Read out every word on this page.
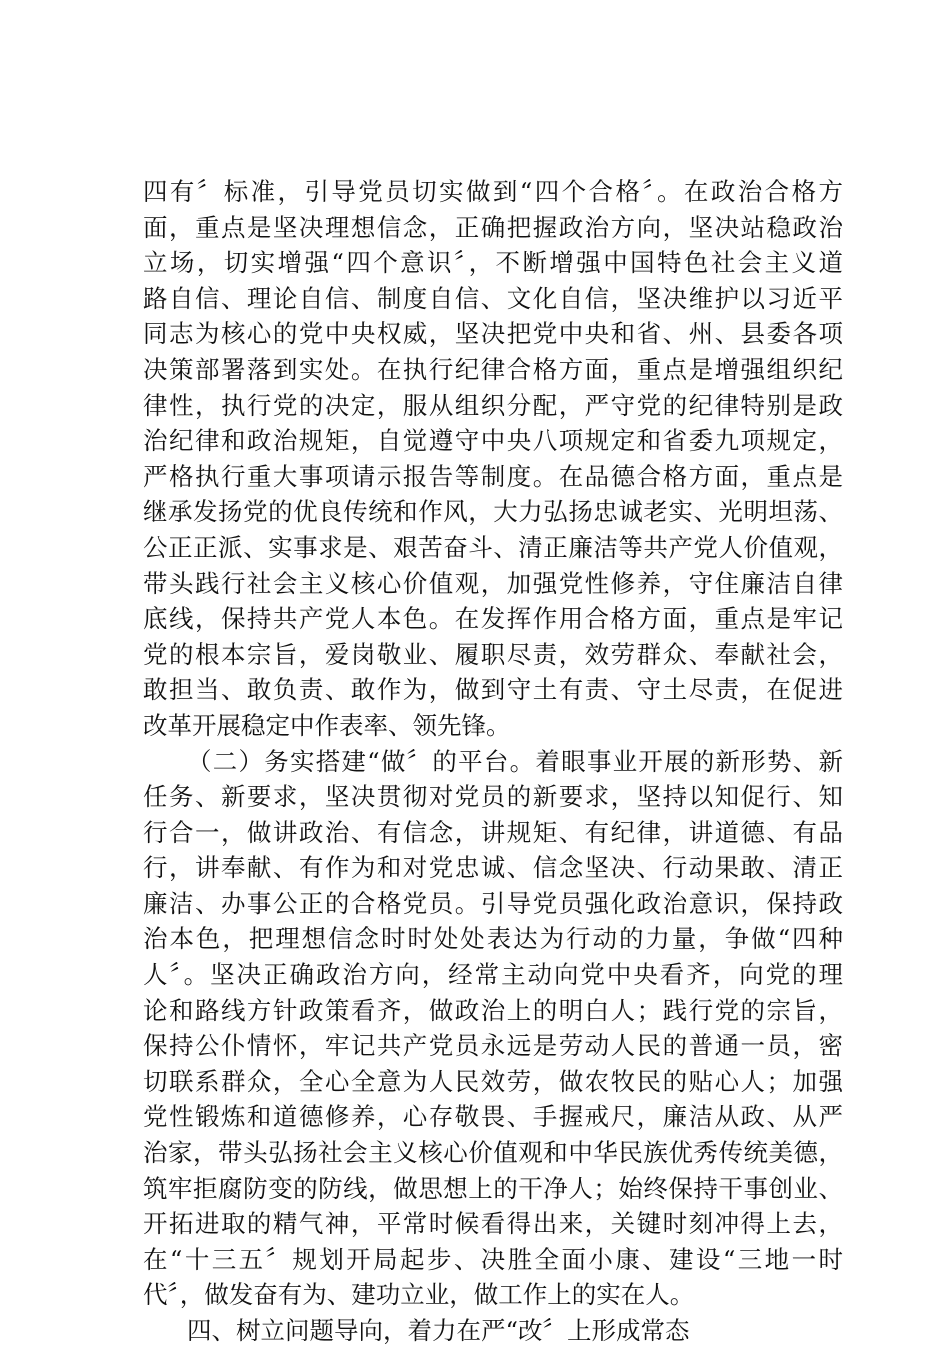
四有〞标准，引导党员切实做到“四个合格〞。在政治合格方
面，重点是坚决理想信念，正确把握政治方向，坚决站稳政治
立场，切实增强“四个意识〞，不断增强中国特色社会主义道
路自信、理论自信、制度自信、文化自信，坚决维护以习近平
同志为核心的党中央权威，坚决把党中央和省、州、县委各项
决策部署落到实处。在执行纪律合格方面，重点是增强组织纪
律性，执行党的决定，服从组织分配，严守党的纪律特别是政
治纪律和政治规矩，自觉遵守中央八项规定和省委九项规定，
严格执行重大事项请示报告等制度。在品德合格方面，重点是
继承发扬党的优良传统和作风，大力弘扬忠诚老实、光明坦荡、
公正正派、实事求是、艰苦奋斗、清正廉洁等共产党人价值观，
带头践行社会主义核心价值观，加强党性修养，守住廉洁自律
底线，保持共产党人本色。在发挥作用合格方面，重点是牢记
党的根本宗旨，爱岗敬业、履职尽责，效劳群众、奉献社会，
敢担当、敢负责、敢作为，做到守土有责、守土尽责，在促进
改革开展稳定中作表率、领先锋。
（二）务实搭建“做〞的平台。着眼事业开展的新形势、新
任务、新要求，坚决贯彻对党员的新要求，坚持以知促行、知
行合一，做讲政治、有信念，讲规矩、有纪律，讲道德、有品
行，讲奉献、有作为和对党忠诚、信念坚决、行动果敢、清正
廉洁、办事公正的合格党员。引导党员强化政治意识，保持政
治本色，把理想信念时时处处表达为行动的力量，争做“四种
人〞。坚决正确政治方向，经常主动向党中央看齐，向党的理
论和路线方针政策看齐，做政治上的明白人；践行党的宗旨，
保持公仆情怀，牢记共产党员永远是劳动人民的普通一员，密
切联系群众，全心全意为人民效劳，做农牧民的贴心人；加强
党性锻炼和道德修养，心存敬畏、手握戒尺，廉洁从政、从严
治家，带头弘扬社会主义核心价值观和中华民族优秀传统美德，
筑牢拒腐防变的防线，做思想上的干净人；始终保持干事创业、
开拓进取的精气神，平常时候看得出来，关键时刻冲得上去，
在“十三五〞规划开局起步、决胜全面小康、建设“三地一时
代〞，做发奋有为、建功立业，做工作上的实在人。
四、树立问题导向，着力在严“改〞上形成常态
